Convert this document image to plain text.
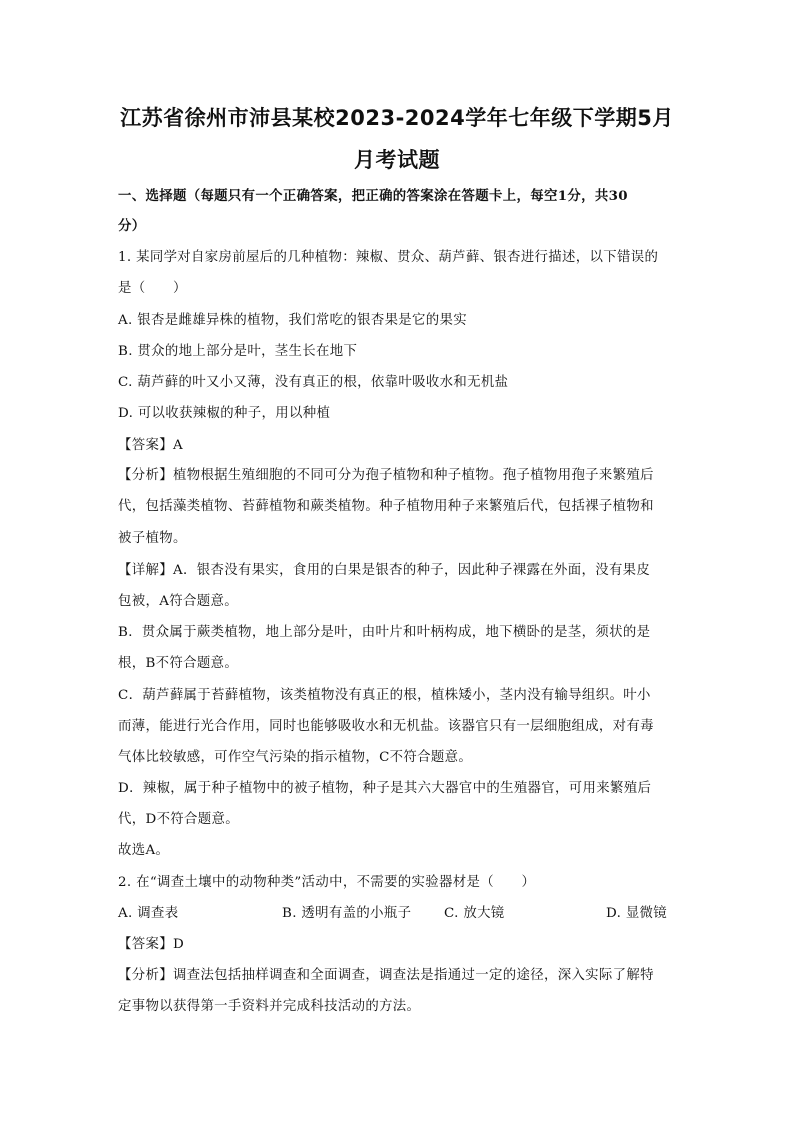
江苏省徐州市沛县某校2023-2024学年七年级下学期5月
月考试题
一、选择题（每题只有一个正确答案，把正确的答案涂在答题卡上，每空1分，共30
分）
1. 某同学对自家房前屋后的几种植物：辣椒、贯众、葫芦藓、银杏进行描述，以下错误的
是（　　）
A. 银杏是雌雄异株的植物，我们常吃的银杏果是它的果实
B. 贯众的地上部分是叶，茎生长在地下
C. 葫芦藓的叶又小又薄，没有真正的根，依靠叶吸收水和无机盐
D. 可以收获辣椒的种子，用以种植
【答案】A
【分析】植物根据生殖细胞的不同可分为孢子植物和种子植物。孢子植物用孢子来繁殖后
代，包括藻类植物、苔藓植物和蕨类植物。种子植物用种子来繁殖后代，包括裸子植物和
被子植物。
【详解】A．银杏没有果实，食用的白果是银杏的种子，因此种子裸露在外面，没有果皮
包被，A符合题意。
B．贯众属于蕨类植物，地上部分是叶，由叶片和叶柄构成，地下横卧的是茎，须状的是
根，B不符合题意。
C．葫芦藓属于苔藓植物，该类植物没有真正的根，植株矮小，茎内没有输导组织。叶小
而薄，能进行光合作用，同时也能够吸收水和无机盐。该器官只有一层细胞组成，对有毒
气体比较敏感，可作空气污染的指示植物，C不符合题意。
D．辣椒，属于种子植物中的被子植物，种子是其六大器官中的生殖器官，可用来繁殖后
代，D不符合题意。
故选A。
2. 在“调查土壤中的动物种类”活动中，不需要的实验器材是（　　）
A. 调查表	B. 透明有盖的小瓶子 C. 放大镜	D. 显微镜
【答案】D
【分析】调查法包括抽样调查和全面调查，调查法是指通过一定的途径，深入实际了解特
定事物以获得第一手资料并完成科技活动的方法。
